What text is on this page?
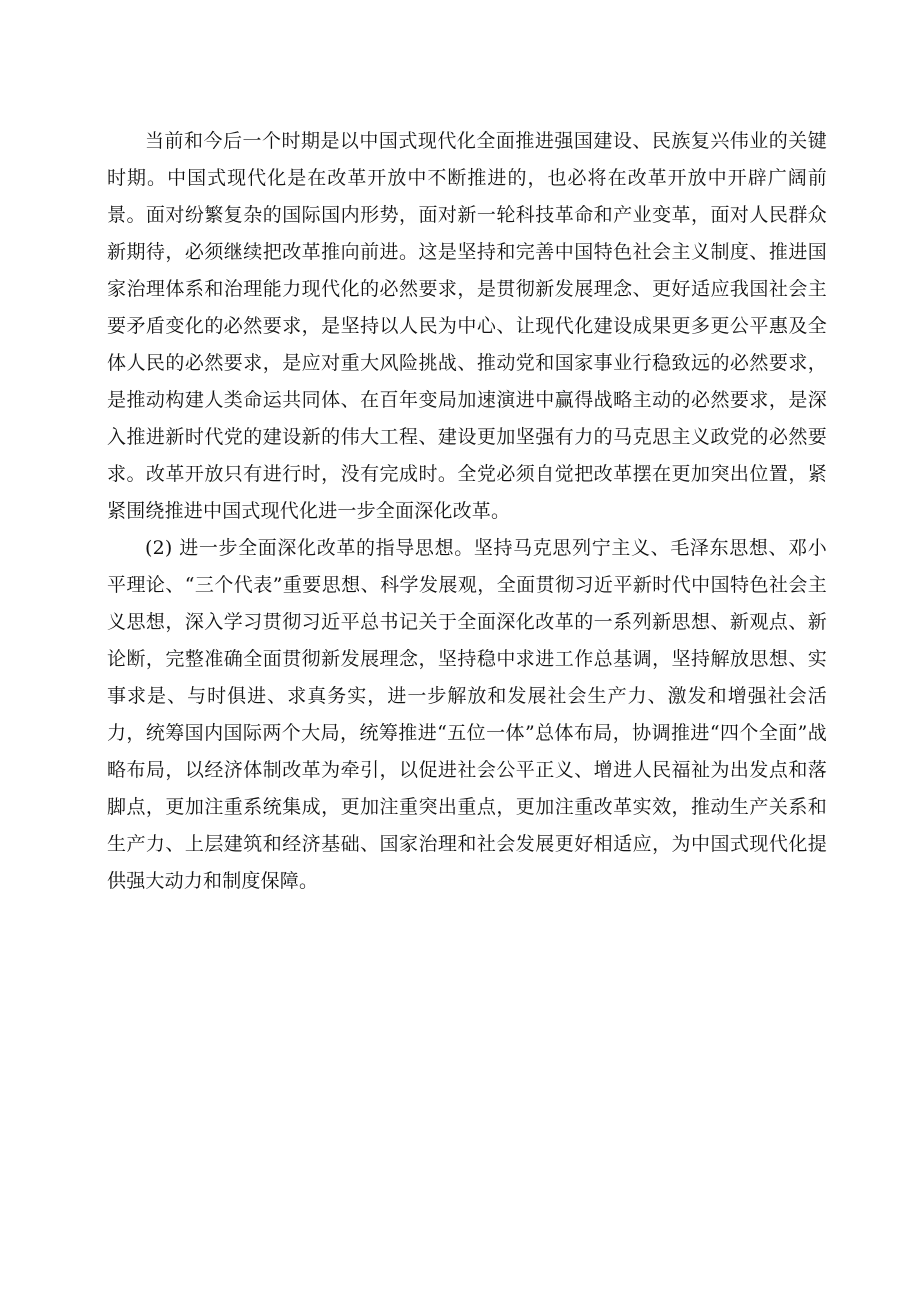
当前和今后一个时期是以中国式现代化全面推进强国建设、民族复兴伟业的关键时期。中国式现代化是在改革开放中不断推进的，也必将在改革开放中开辟广阔前景。面对纷繁复杂的国际国内形势，面对新一轮科技革命和产业变革，面对人民群众新期待，必须继续把改革推向前进。这是坚持和完善中国特色社会主义制度、推进国家治理体系和治理能力现代化的必然要求，是贯彻新发展理念、更好适应我国社会主要矛盾变化的必然要求，是坚持以人民为中心、让现代化建设成果更多更公平惠及全体人民的必然要求，是应对重大风险挑战、推动党和国家事业行稳致远的必然要求，是推动构建人类命运共同体、在百年变局加速演进中赢得战略主动的必然要求，是深入推进新时代党的建设新的伟大工程、建设更加坚强有力的马克思主义政党的必然要求。改革开放只有进行时，没有完成时。全党必须自觉把改革摆在更加突出位置，紧紧围绕推进中国式现代化进一步全面深化改革。

(2) 进一步全面深化改革的指导思想。坚持马克思列宁主义、毛泽东思想、邓小平理论、“三个代表”重要思想、科学发展观，全面贯彻习近平新时代中国特色社会主义思想，深入学习贯彻习近平总书记关于全面深化改革的一系列新思想、新观点、新论断，完整准确全面贯彻新发展理念，坚持稳中求进工作总基调，坚持解放思想、实事求是、与时俱进、求真务实，进一步解放和发展社会生产力、激发和增强社会活力，统筹国内国际两个大局，统筹推进“五位一体”总体布局，协调推进“四个全面”战略布局，以经济体制改革为牵引，以促进社会公平正义、增进人民福祉为出发点和落脚点，更加注重系统集成，更加注重突出重点，更加注重改革实效，推动生产关系和生产力、上层建筑和经济基础、国家治理和社会发展更好相适应，为中国式现代化提供强大动力和制度保障。
